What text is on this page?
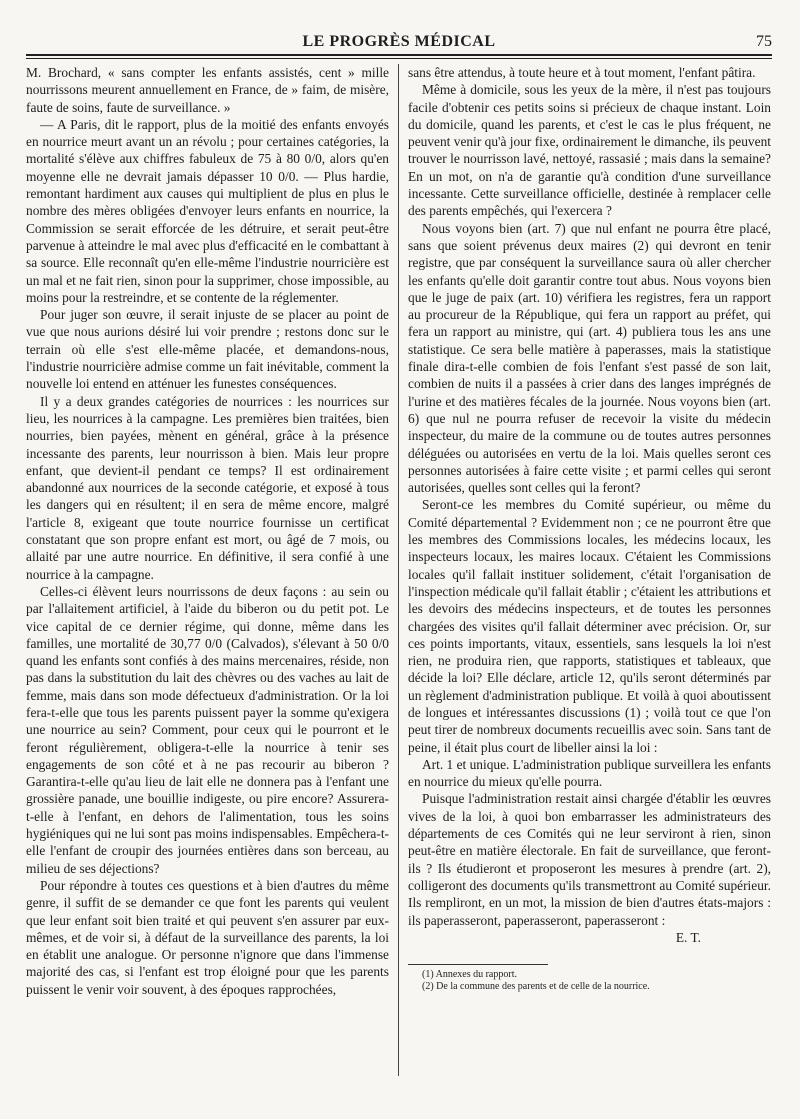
LE PROGRÈS MÉDICAL	75

M. Brochard, « sans compter les enfants assistés, cent » mille nourrissons meurent annuellement en France, de » faim, de misère, faute de soins, faute de surveillance. »

— A Paris, dit le rapport, plus de la moitié des enfants envoyés en nourrice meurt avant un an révolu ; pour certaines catégories, la mortalité s'élève aux chiffres fabuleux de 75 à 80 0/0, alors qu'en moyenne elle ne devrait jamais dépasser 10 0/0. — Plus hardie, remontant hardiment aux causes qui multiplient de plus en plus le nombre des mères obligées d'envoyer leurs enfants en nourrice, la Commission se serait efforcée de les détruire, et serait peut-être parvenue à atteindre le mal avec plus d'efficacité en le combattant à sa source. Elle reconnaît qu'en elle-même l'industrie nourricière est un mal et ne fait rien, sinon pour la supprimer, chose impossible, au moins pour la restreindre, et se contente de la réglementer.

Pour juger son œuvre, il serait injuste de se placer au point de vue que nous aurions désiré lui voir prendre ; restons donc sur le terrain où elle s'est elle-même placée, et demandons-nous, l'industrie nourricière admise comme un fait inévitable, comment la nouvelle loi entend en atténuer les funestes conséquences.

Il y a deux grandes catégories de nourrices : les nourrices sur lieu, les nourrices à la campagne. Les premières bien traitées, bien nourries, bien payées, mènent en général, grâce à la présence incessante des parents, leur nourrisson à bien. Mais leur propre enfant, que devient-il pendant ce temps? Il est ordinairement abandonné aux nourrices de la seconde catégorie, et exposé à tous les dangers qui en résultent; il en sera de même encore, malgré l'article 8, exigeant que toute nourrice fournisse un certificat constatant que son propre enfant est mort, ou âgé de 7 mois, ou allaité par une autre nourrice. En définitive, il sera confié à une nourrice à la campagne.

Celles-ci élèvent leurs nourrissons de deux façons : au sein ou par l'allaitement artificiel, à l'aide du biberon ou du petit pot. Le vice capital de ce dernier régime, qui donne, même dans les familles, une mortalité de 30,77 0/0 (Calvados), s'élevant à 50 0/0 quand les enfants sont confiés à des mains mercenaires, réside, non pas dans la substitution du lait des chèvres ou des vaches au lait de femme, mais dans son mode défectueux d'administration. Or la loi fera-t-elle que tous les parents puissent payer la somme qu'exigera une nourrice au sein? Comment, pour ceux qui le pourront et le feront régulièrement, obligera-t-elle la nourrice à tenir ses engagements de son côté et à ne pas recourir au biberon ? Garantira-t-elle qu'au lieu de lait elle ne donnera pas à l'enfant une grossière panade, une bouillie indigeste, ou pire encore? Assurera-t-elle à l'enfant, en dehors de l'alimentation, tous les soins hygiéniques qui ne lui sont pas moins indispensables. Empêchera-t-elle l'enfant de croupir des journées entières dans son berceau, au milieu de ses déjections?

Pour répondre à toutes ces questions et à bien d'autres du même genre, il suffit de se demander ce que font les parents qui veulent que leur enfant soit bien traité et qui peuvent s'en assurer par eux-mêmes, et de voir si, à défaut de la surveillance des parents, la loi en établit une analogue. Or personne n'ignore que dans l'immense majorité des cas, si l'enfant est trop éloigné pour que les parents puissent le venir voir souvent, à des époques rapprochées,

sans être attendus, à toute heure et à tout moment, l'enfant pâtira.

Même à domicile, sous les yeux de la mère, il n'est pas toujours facile d'obtenir ces petits soins si précieux de chaque instant. Loin du domicile, quand les parents, et c'est le cas le plus fréquent, ne peuvent venir qu'à jour fixe, ordinairement le dimanche, ils peuvent trouver le nourrisson lavé, nettoyé, rassasié ; mais dans la semaine? En un mot, on n'a de garantie qu'à condition d'une surveillance incessante. Cette surveillance officielle, destinée à remplacer celle des parents empêchés, qui l'exercera ?

Nous voyons bien (art. 7) que nul enfant ne pourra être placé, sans que soient prévenus deux maires (2) qui devront en tenir registre, que par conséquent la surveillance saura où aller chercher les enfants qu'elle doit garantir contre tout abus. Nous voyons bien que le juge de paix (art. 10) vérifiera les registres, fera un rapport au procureur de la République, qui fera un rapport au préfet, qui fera un rapport au ministre, qui (art. 4) publiera tous les ans une statistique. Ce sera belle matière à paperasses, mais la statistique finale dira-t-elle combien de fois l'enfant s'est passé de son lait, combien de nuits il a passées à crier dans des langes imprégnés de l'urine et des matières fécales de la journée. Nous voyons bien (art. 6) que nul ne pourra refuser de recevoir la visite du médecin inspecteur, du maire de la commune ou de toutes autres personnes déléguées ou autorisées en vertu de la loi. Mais quelles seront ces personnes autorisées à faire cette visite ; et parmi celles qui seront autorisées, quelles sont celles qui la feront?

Seront-ce les membres du Comité supérieur, ou même du Comité départemental ? Evidemment non ; ce ne pourront être que les membres des Commissions locales, les médecins locaux, les inspecteurs locaux, les maires locaux. C'étaient les Commissions locales qu'il fallait instituer solidement, c'était l'organisation de l'inspection médicale qu'il fallait établir ; c'étaient les attributions et les devoirs des médecins inspecteurs, et de toutes les personnes chargées des visites qu'il fallait déterminer avec précision. Or, sur ces points importants, vitaux, essentiels, sans lesquels la loi n'est rien, ne produira rien, que rapports, statistiques et tableaux, que décide la loi? Elle déclare, article 12, qu'ils seront déterminés par un règlement d'administration publique. Et voilà à quoi aboutissent de longues et intéressantes discussions (1) ; voilà tout ce que l'on peut tirer de nombreux documents recueillis avec soin. Sans tant de peine, il était plus court de libeller ainsi la loi :

Art. 1 et unique. L'administration publique surveillera les enfants en nourrice du mieux qu'elle pourra.

Puisque l'administration restait ainsi chargée d'établir les œuvres vives de la loi, à quoi bon embarrasser les administrateurs des départements de ces Comités qui ne leur serviront à rien, sinon peut-être en matière électorale. En fait de surveillance, que feront-ils ? Ils étudieront et proposeront les mesures à prendre (art. 2), colligeront des documents qu'ils transmettront au Comité supérieur. Ils rempliront, en un mot, la mission de bien d'autres états-majors : ils paperasseront, paperasseront, paperasseront :

E. T.

(1) Annexes du rapport.

(2) De la commune des parents et de celle de la nourrice.
